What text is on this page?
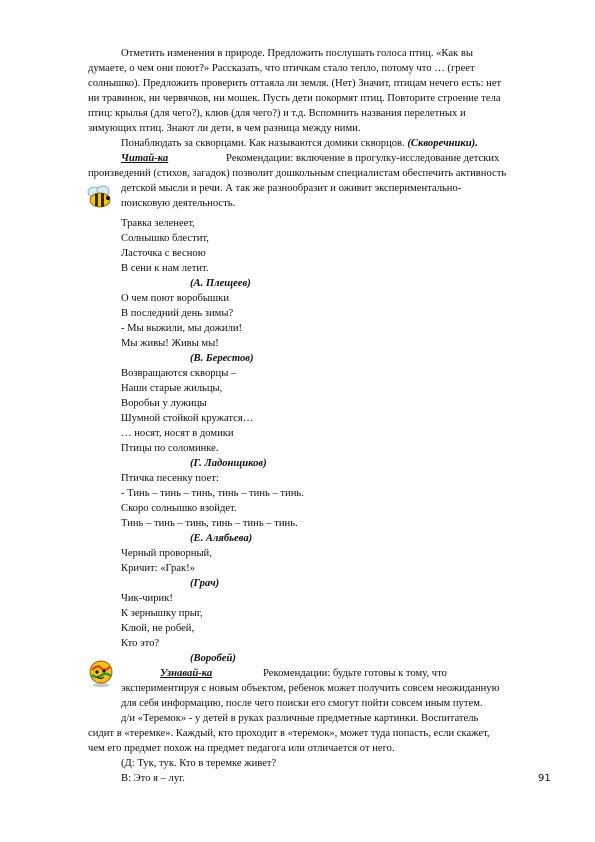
Отметить изменения в природе. Предложить послушать голоса птиц. «Как вы
думаете, о чем они поют?» Рассказать, что птичкам стало тепло, потому что … (греет
солнышко). Предложить проверить оттаяла ли земля. (Нет) Значит, птицам нечего есть: нет
ни травинок, ни червячков, ни мошек. Пусть дети покормят птиц. Повторите строение тела
птиц: крылья (для чего?), клюв (для чего?) и т.д. Вспомнить названия перелетных и
зимующих птиц. Знают ли дети, в чем разница между ними.
Понаблюдать за скворцами. Как называются домики скворцов. (Скворечники).
Читай-ка	Рекомендации: включение в прогулку-исследование детских
произведений (стихов, загадок) позволит дошкольным специалистам обеспечить активность
детской мысли и речи. А так же разнообразит и оживит экспериментально-
поисковую деятельность.
Травка зеленеет,
Солнышко блестит,
Ласточка с весною
В сени к нам летит.
(А. Плещеев)
О чем поют воробышки
В последний день зимы?
- Мы выжили, мы дожили!
Мы живы! Живы мы!
(В. Берестов)
Возвращаются скворцы –
Наши старые жильцы,
Воробьи у лужицы
Шумной стойкой кружатся…
… носят, носят в домики
Птицы по соломинке.
(Г. Ладонщиков)
Птичка песенку поет:
- Тинь – тинь – тинь, тинь – тинь – тинь.
Скоро солнышко взойдет.
Тинь – тинь – тинь, тинь – тинь – тинь.
(Е. Алябьева)
Черный проворный,
Кричит: «Грак!»
(Грач)
Чик-чирик!
К зернышку прыг,
Клюй, не робей,
Кто это?
(Воробей)
Узнавай-ка	Рекомендации: будьте готовы к тому, что
экспериментируя с новым объектом, ребенок может получить совсем неожиданную
для себя информацию, после чего поиски его смогут пойти совсем иным путем.
д/и «Теремок» - у детей в руках различные предметные картинки. Воспитатель
сидит в «теремке». Каждый, кто проходит в «теремок», может туда попасть, если скажет,
чем его предмет похож на предмет педагога или отличается от него.
(Д: Тук, тук. Кто в теремке живет?
В: Это я – луг.	91
